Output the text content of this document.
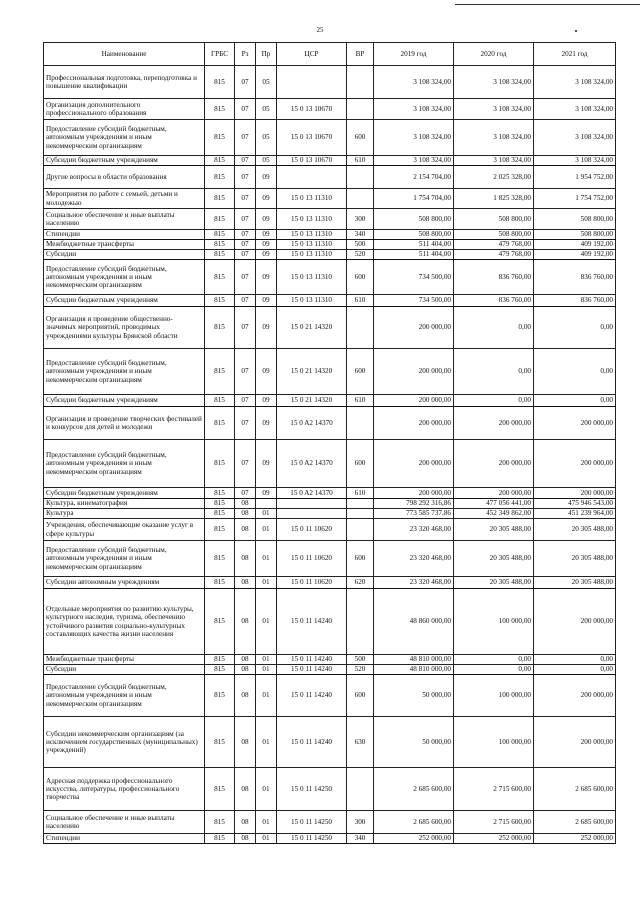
25
Наименование	ГРБС	Рз	Пр	ЦСР	ВР	2019 год	2020 год	2021 год
Профессиональная подготовка, переподготовка и повышение квалификации	815	07	05			3 108 324,00	3 108 324,00	3 108 324,00
Организация дополнительного профессионального образования	815	07	05	15 0 13 10670		3 108 324,00	3 108 324,00	3 108 324,00
Предоставление субсидий бюджетным, автономным учреждениям и иным некоммерческим организациям	815	07	05	15 0 13 10670	600	3 108 324,00	3 108 324,00	3 108 324,00
Субсидии бюджетным учреждениям	815	07	05	15 0 13 10670	610	3 108 324,00	3 108 324,00	3 108 324,00
Другие вопросы в области образования	815	07	09			2 154 704,00	2 025 328,00	1 954 752,00
Мероприятия по работе с семьей, детьми и молодежью	815	07	09	15 0 13 11310		1 754 704,00	1 825 328,00	1 754 752,00
Социальное обеспечение и иные выплаты населению	815	07	09	15 0 13 11310	300	508 800,00	508 800,00	508 800,00
Стипендии	815	07	09	15 0 13 11310	340	508 800,00	508 800,00	508 800,00
Межбюджетные трансферты	815	07	09	15 0 13 11310	500	511 404,00	479 768,00	409 192,00
Субсидии	815	07	09	15 0 13 11310	520	511 404,00	479 768,00	409 192,00
Предоставление субсидий бюджетным, автономным учреждениям и иным некоммерческим организациям	815	07	09	15 0 13 11310	600	734 500,00	836 760,00	836 760,00
Субсидии бюджетным учреждениям	815	07	09	15 0 13 11310	610	734 500,00	836 760,00	836 760,00
Организация и проведение общественно-значимых мероприятий, проводимых учреждениями культуры Брянской области	815	07	09	15 0 21 14320		200 000,00	0,00	0,00
Предоставление субсидий бюджетным, автономным учреждениям и иным некоммерческим организациям	815	07	09	15 0 21 14320	600	200 000,00	0,00	0,00
Субсидии бюджетным учреждениям	815	07	09	15 0 21 14320	610	200 000,00	0,00	0,00
Организация и проведение творческих фестивалей и конкурсов для детей и молодежи	815	07	09	15 0 A2 14370		200 000,00	200 000,00	200 000,00
Предоставление субсидий бюджетным, автономным учреждениям и иным некоммерческим организациям	815	07	09	15 0 A2 14370	600	200 000,00	200 000,00	200 000,00
Субсидии бюджетным учреждениям	815	07	09	15 0 A2 14370	610	200 000,00	200 000,00	200 000,00
Культура, кинематография	815	08				798 292 316,86	477 056 441,00	475 946 543,00
Культура	815	08	01			773 585 737,86	452 349 862,00	451 239 964,00
Учреждения, обеспечивающие оказание услуг в сфере культуры	815	08	01	15 0 11 10620		23 320 468,00	20 305 488,00	20 305 488,00
Предоставление субсидий бюджетным, автономным учреждениям и иным некоммерческим организациям	815	08	01	15 0 11 10620	600	23 320 468,00	20 305 488,00	20 305 488,00
Субсидии автономным учреждениям	815	08	01	15 0 11 10620	620	23 320 468,00	20 305 488,00	20 305 488,00
Отдельные мероприятия по развитию культуры, культурного наследия, туризма, обеспечению устойчивого развития социально-культурных составляющих качества жизни населения	815	08	01	15 0 11 14240		48 860 000,00	100 000,00	200 000,00
Межбюджетные трансферты	815	08	01	15 0 11 14240	500	48 810 000,00	0,00	0,00
Субсидии	815	08	01	15 0 11 14240	520	48 810 000,00	0,00	0,00
Предоставление субсидий бюджетным, автономным учреждениям и иным некоммерческим организациям	815	08	01	15 0 11 14240	600	50 000,00	100 000,00	200 000,00
Субсидии некоммерческим организациям (за исключением государственных (муниципальных) учреждений)	815	08	01	15 0 11 14240	630	50 000,00	100 000,00	200 000,00
Адресная поддержка профессионального искусства, литературы, профессионального творчества	815	08	01	15 0 11 14250		2 685 600,00	2 715 600,00	2 685 600,00
Социальное обеспечение и иные выплаты населению	815	08	01	15 0 11 14250	300	2 685 600,00	2 715 600,00	2 685 600,00
Стипендии	815	08	01	15 0 11 14250	340	252 000,00	252 000,00	252 000,00
